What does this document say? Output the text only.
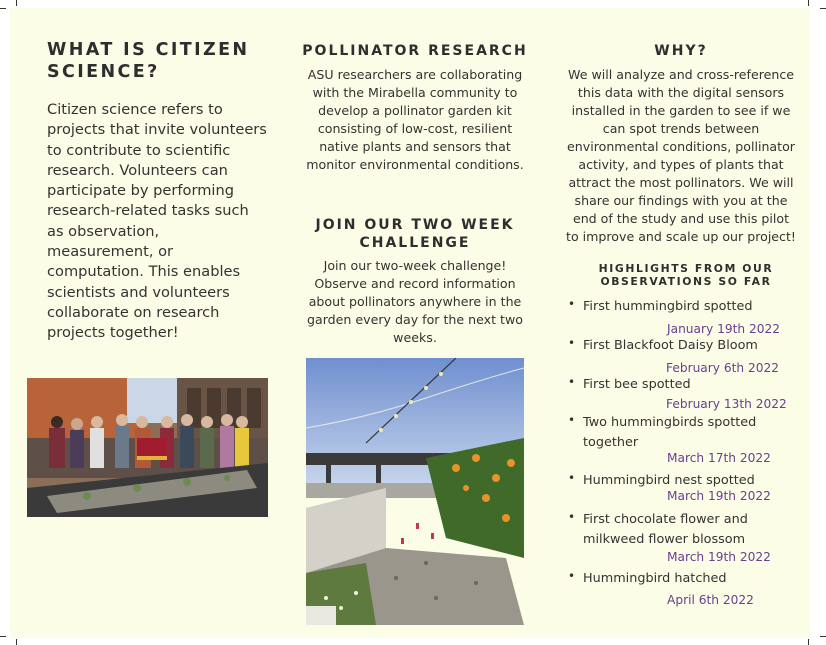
WHAT IS CITIZEN SCIENCE?

Citizen science refers to projects that invite volunteers to contribute to scientific research. Volunteers can participate by performing research-related tasks such as observation, measurement, or computation. This enables scientists and volunteers collaborate on research projects together!

POLLINATOR RESEARCH

ASU researchers are collaborating with the Mirabella community to develop a pollinator garden kit consisting of low-cost, resilient native plants and sensors that monitor environmental conditions.

JOIN OUR TWO WEEK CHALLENGE

Join our two-week challenge! Observe and record information about pollinators anywhere in the garden every day for the next two weeks.

WHY?

We will analyze and cross-reference this data with the digital sensors installed in the garden to see if we can spot trends between environmental conditions, pollinator activity, and types of plants that attract the most pollinators. We will share our findings with you at the end of the study and use this pilot to improve and scale up our project!

HIGHLIGHTS FROM OUR OBSERVATIONS SO FAR
• First hummingbird spotted
January 19th 2022
• First Blackfoot Daisy Bloom
February 6th 2022
• First bee spotted
February 13th 2022
• Two hummingbirds spotted together
March 17th 2022
• Hummingbird nest spotted
March 19th 2022
• First chocolate flower and milkweed flower blossom
March 19th 2022
• Hummingbird hatched
April 6th 2022
